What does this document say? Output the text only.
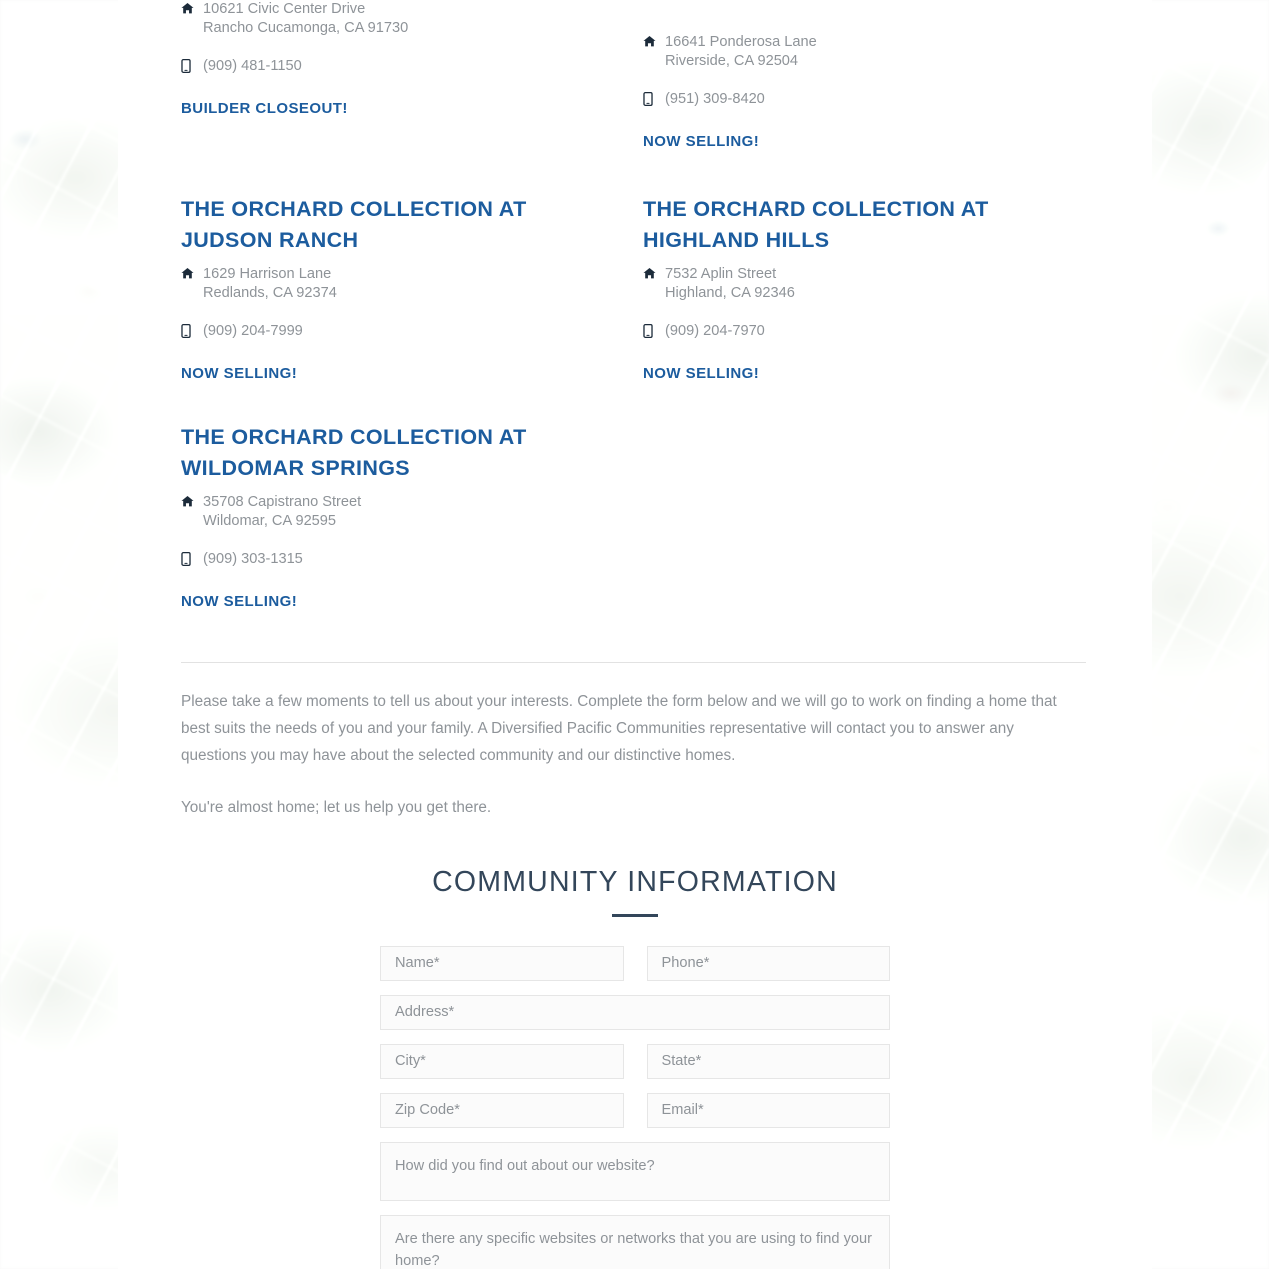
10621 Civic Center Drive
Rancho Cucamonga, CA 91730
(909) 481-1150
BUILDER CLOSEOUT!
16641 Ponderosa Lane
Riverside, CA 92504
(951) 309-8420
NOW SELLING!
THE ORCHARD COLLECTION AT JUDSON RANCH
1629 Harrison Lane
Redlands, CA 92374
(909) 204-7999
NOW SELLING!
THE ORCHARD COLLECTION AT HIGHLAND HILLS
7532 Aplin Street
Highland, CA 92346
(909) 204-7970
NOW SELLING!
THE ORCHARD COLLECTION AT WILDOMAR SPRINGS
35708 Capistrano Street
Wildomar, CA 92595
(909) 303-1315
NOW SELLING!

Please take a few moments to tell us about your interests. Complete the form below and we will go to work on finding a home that best suits the needs of you and your family. A Diversified Pacific Communities representative will contact you to answer any questions you may have about the selected community and our distinctive homes.

You're almost home; let us help you get there.

COMMUNITY INFORMATION
Name*	Phone*
Address*
City*	State*
Zip Code*	Email*
How did you find out about our website?
Are there any specific websites or networks that you are using to find your home?
